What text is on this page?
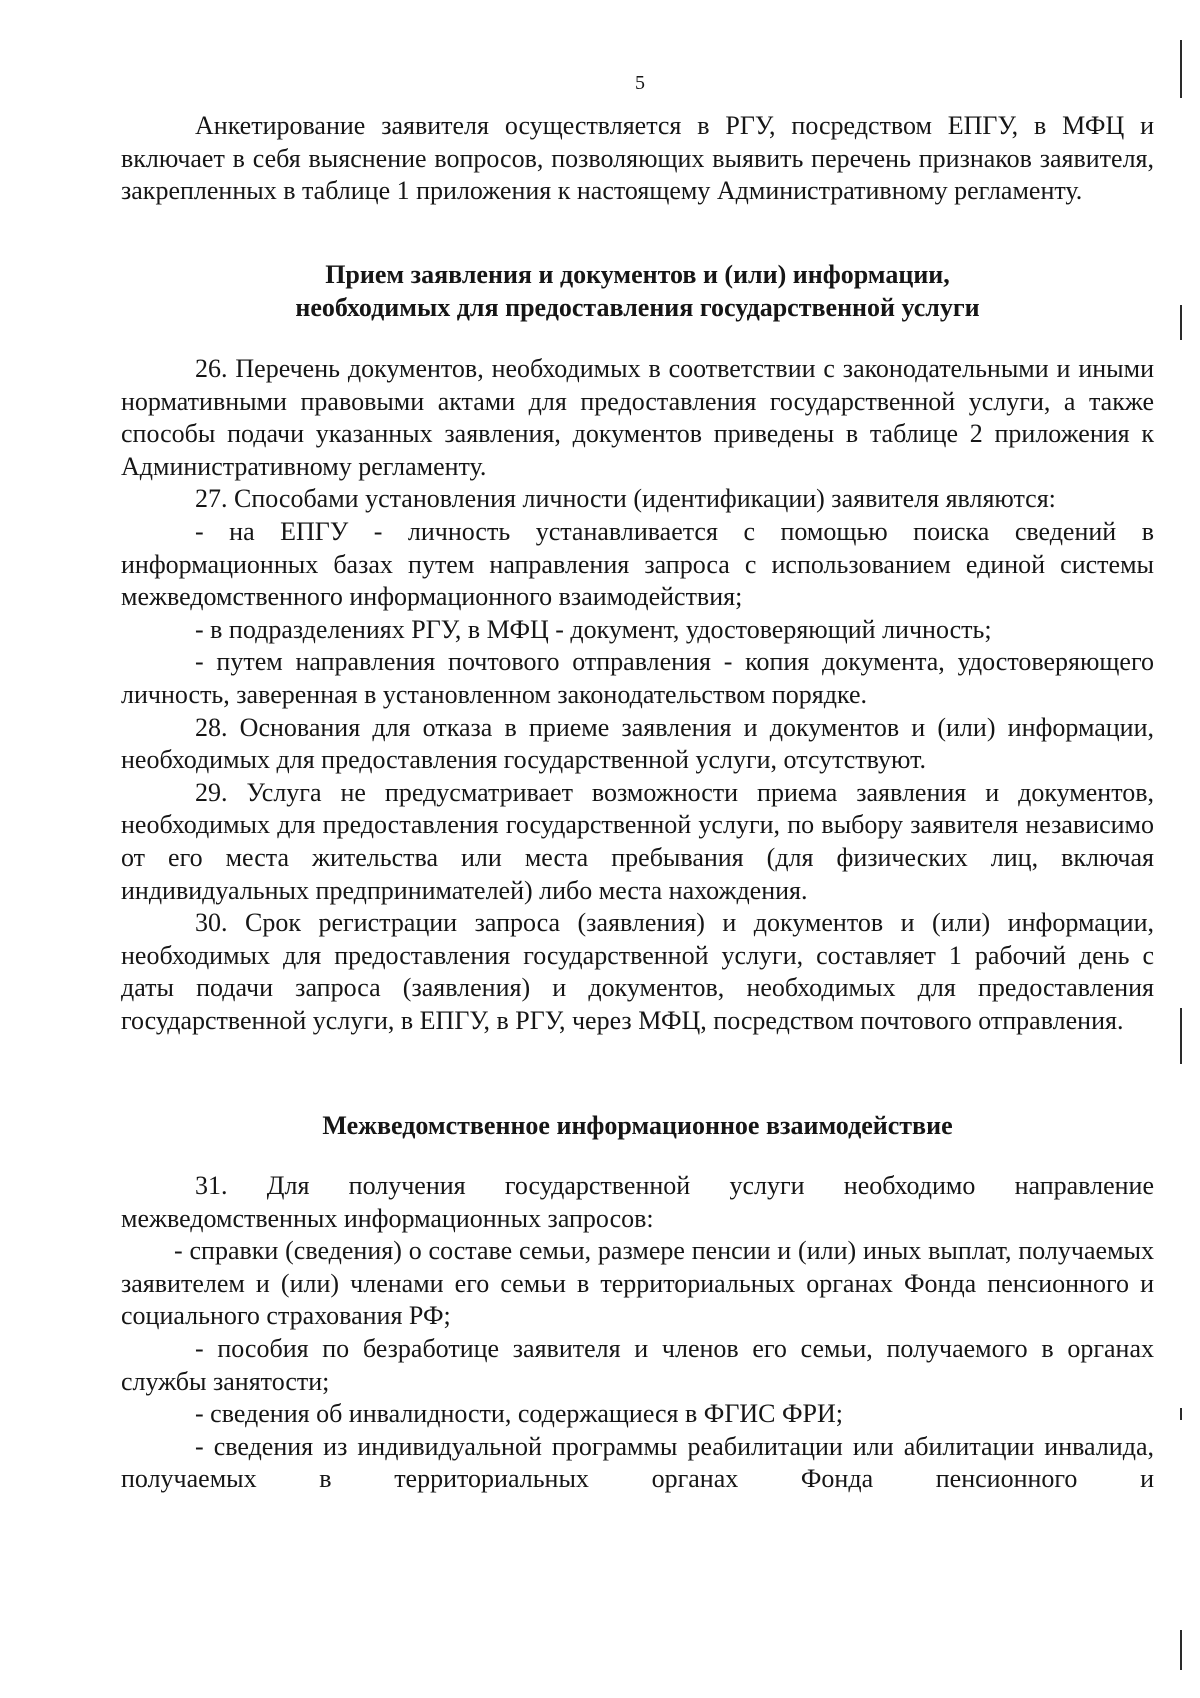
5

Анкетирование заявителя осуществляется в РГУ, посредством ЕПГУ, в МФЦ и включает в себя выяснение вопросов, позволяющих выявить перечень признаков заявителя, закрепленных в таблице 1 приложения к настоящему Административному регламенту.

Прием заявления и документов и (или) информации,
необходимых для предоставления государственной услуги

26. Перечень документов, необходимых в соответствии с законодательными и иными нормативными правовыми актами для предоставления государственной услуги, а также способы подачи указанных заявления, документов приведены в таблице 2 приложения к Административному регламенту.

27. Способами установления личности (идентификации) заявителя являются:

- на ЕПГУ - личность устанавливается с помощью поиска сведений в информационных базах путем направления запроса с использованием единой системы межведомственного информационного взаимодействия;

- в подразделениях РГУ, в МФЦ - документ, удостоверяющий личность;

- путем направления почтового отправления - копия документа, удостоверяющего личность, заверенная в установленном законодательством порядке.

28. Основания для отказа в приеме заявления и документов и (или) информации, необходимых для предоставления государственной услуги, отсутствуют.

29. Услуга не предусматривает возможности приема заявления и документов, необходимых для предоставления государственной услуги, по выбору заявителя независимо от его места жительства или места пребывания (для физических лиц, включая индивидуальных предпринимателей) либо места нахождения.

30. Срок регистрации запроса (заявления) и документов и (или) информации, необходимых для предоставления государственной услуги, составляет 1 рабочий день с даты подачи запроса (заявления) и документов, необходимых для предоставления государственной услуги, в ЕПГУ, в РГУ, через МФЦ, посредством почтового отправления.

Межведомственное информационное взаимодействие

31. Для получения государственной услуги необходимо направление межведомственных информационных запросов:

- справки (сведения) о составе семьи, размере пенсии и (или) иных выплат, получаемых заявителем и (или) членами его семьи в территориальных органах Фонда пенсионного и социального страхования РФ;

- пособия по безработице заявителя и членов его семьи, получаемого в органах службы занятости;

- сведения об инвалидности, содержащиеся в ФГИС ФРИ;

- сведения из индивидуальной программы реабилитации или абилитации инвалида, получаемых в территориальных органах Фонда пенсионного и
